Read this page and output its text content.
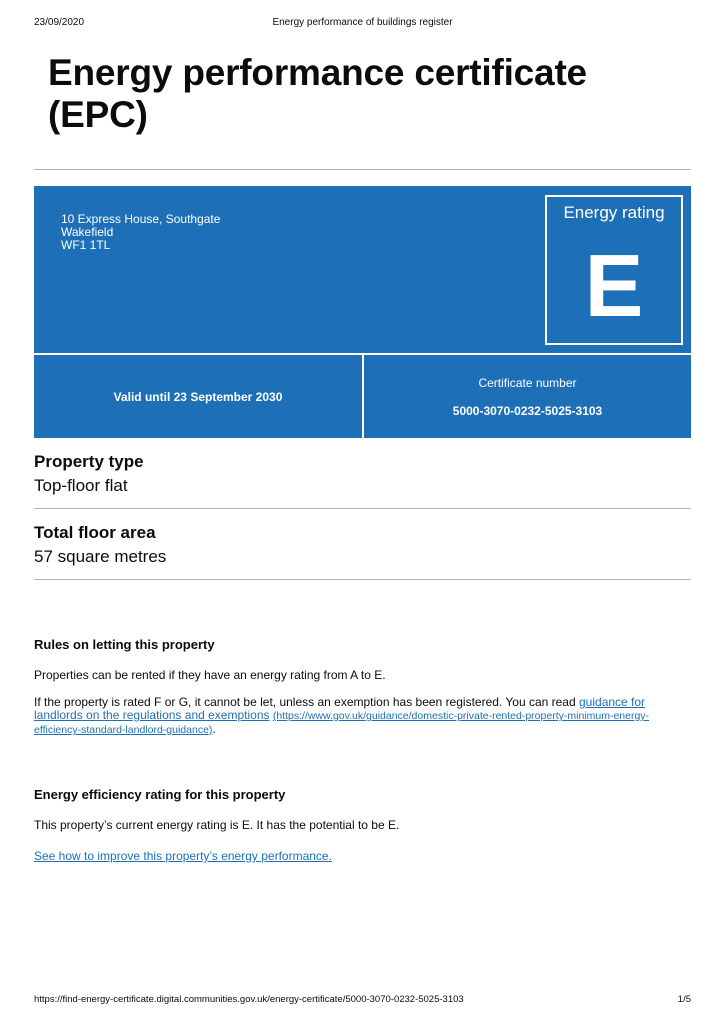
23/09/2020	Energy performance of buildings register
Energy performance certificate (EPC)
10 Express House, Southgate
Wakefield
WF1 1TL
Energy rating
E
Valid until 23 September 2030
Certificate number
5000-3070-0232-5025-3103
Property type
Top-floor flat
Total floor area
57 square metres
Rules on letting this property
Properties can be rented if they have an energy rating from A to E.
If the property is rated F or G, it cannot be let, unless an exemption has been registered. You can read guidance for landlords on the regulations and exemptions (https://www.gov.uk/guidance/domestic-private-rented-property-minimum-energy-efficiency-standard-landlord-guidance).
Energy efficiency rating for this property
This property’s current energy rating is E. It has the potential to be E.
See how to improve this property’s energy performance.
https://find-energy-certificate.digital.communities.gov.uk/energy-certificate/5000-3070-0232-5025-3103	1/5
